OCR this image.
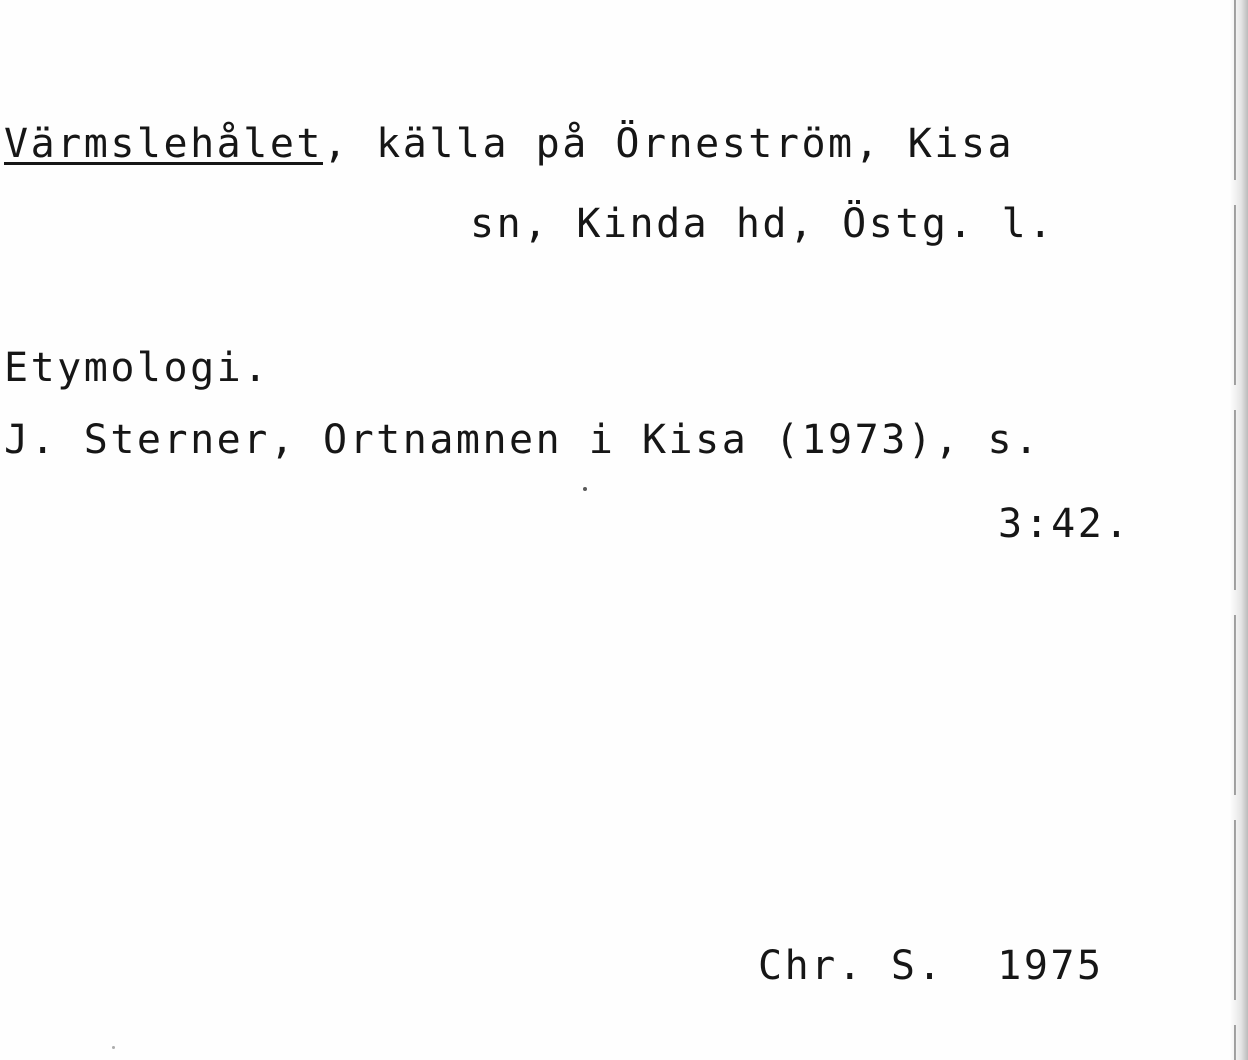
Värmslehålet, källa på Örneström, Kisa
sn, Kinda hd, Östg. l.
Etymologi.
J. Sterner, Ortnamnen i Kisa (1973), s.
3:42.
Chr. S.  1975
